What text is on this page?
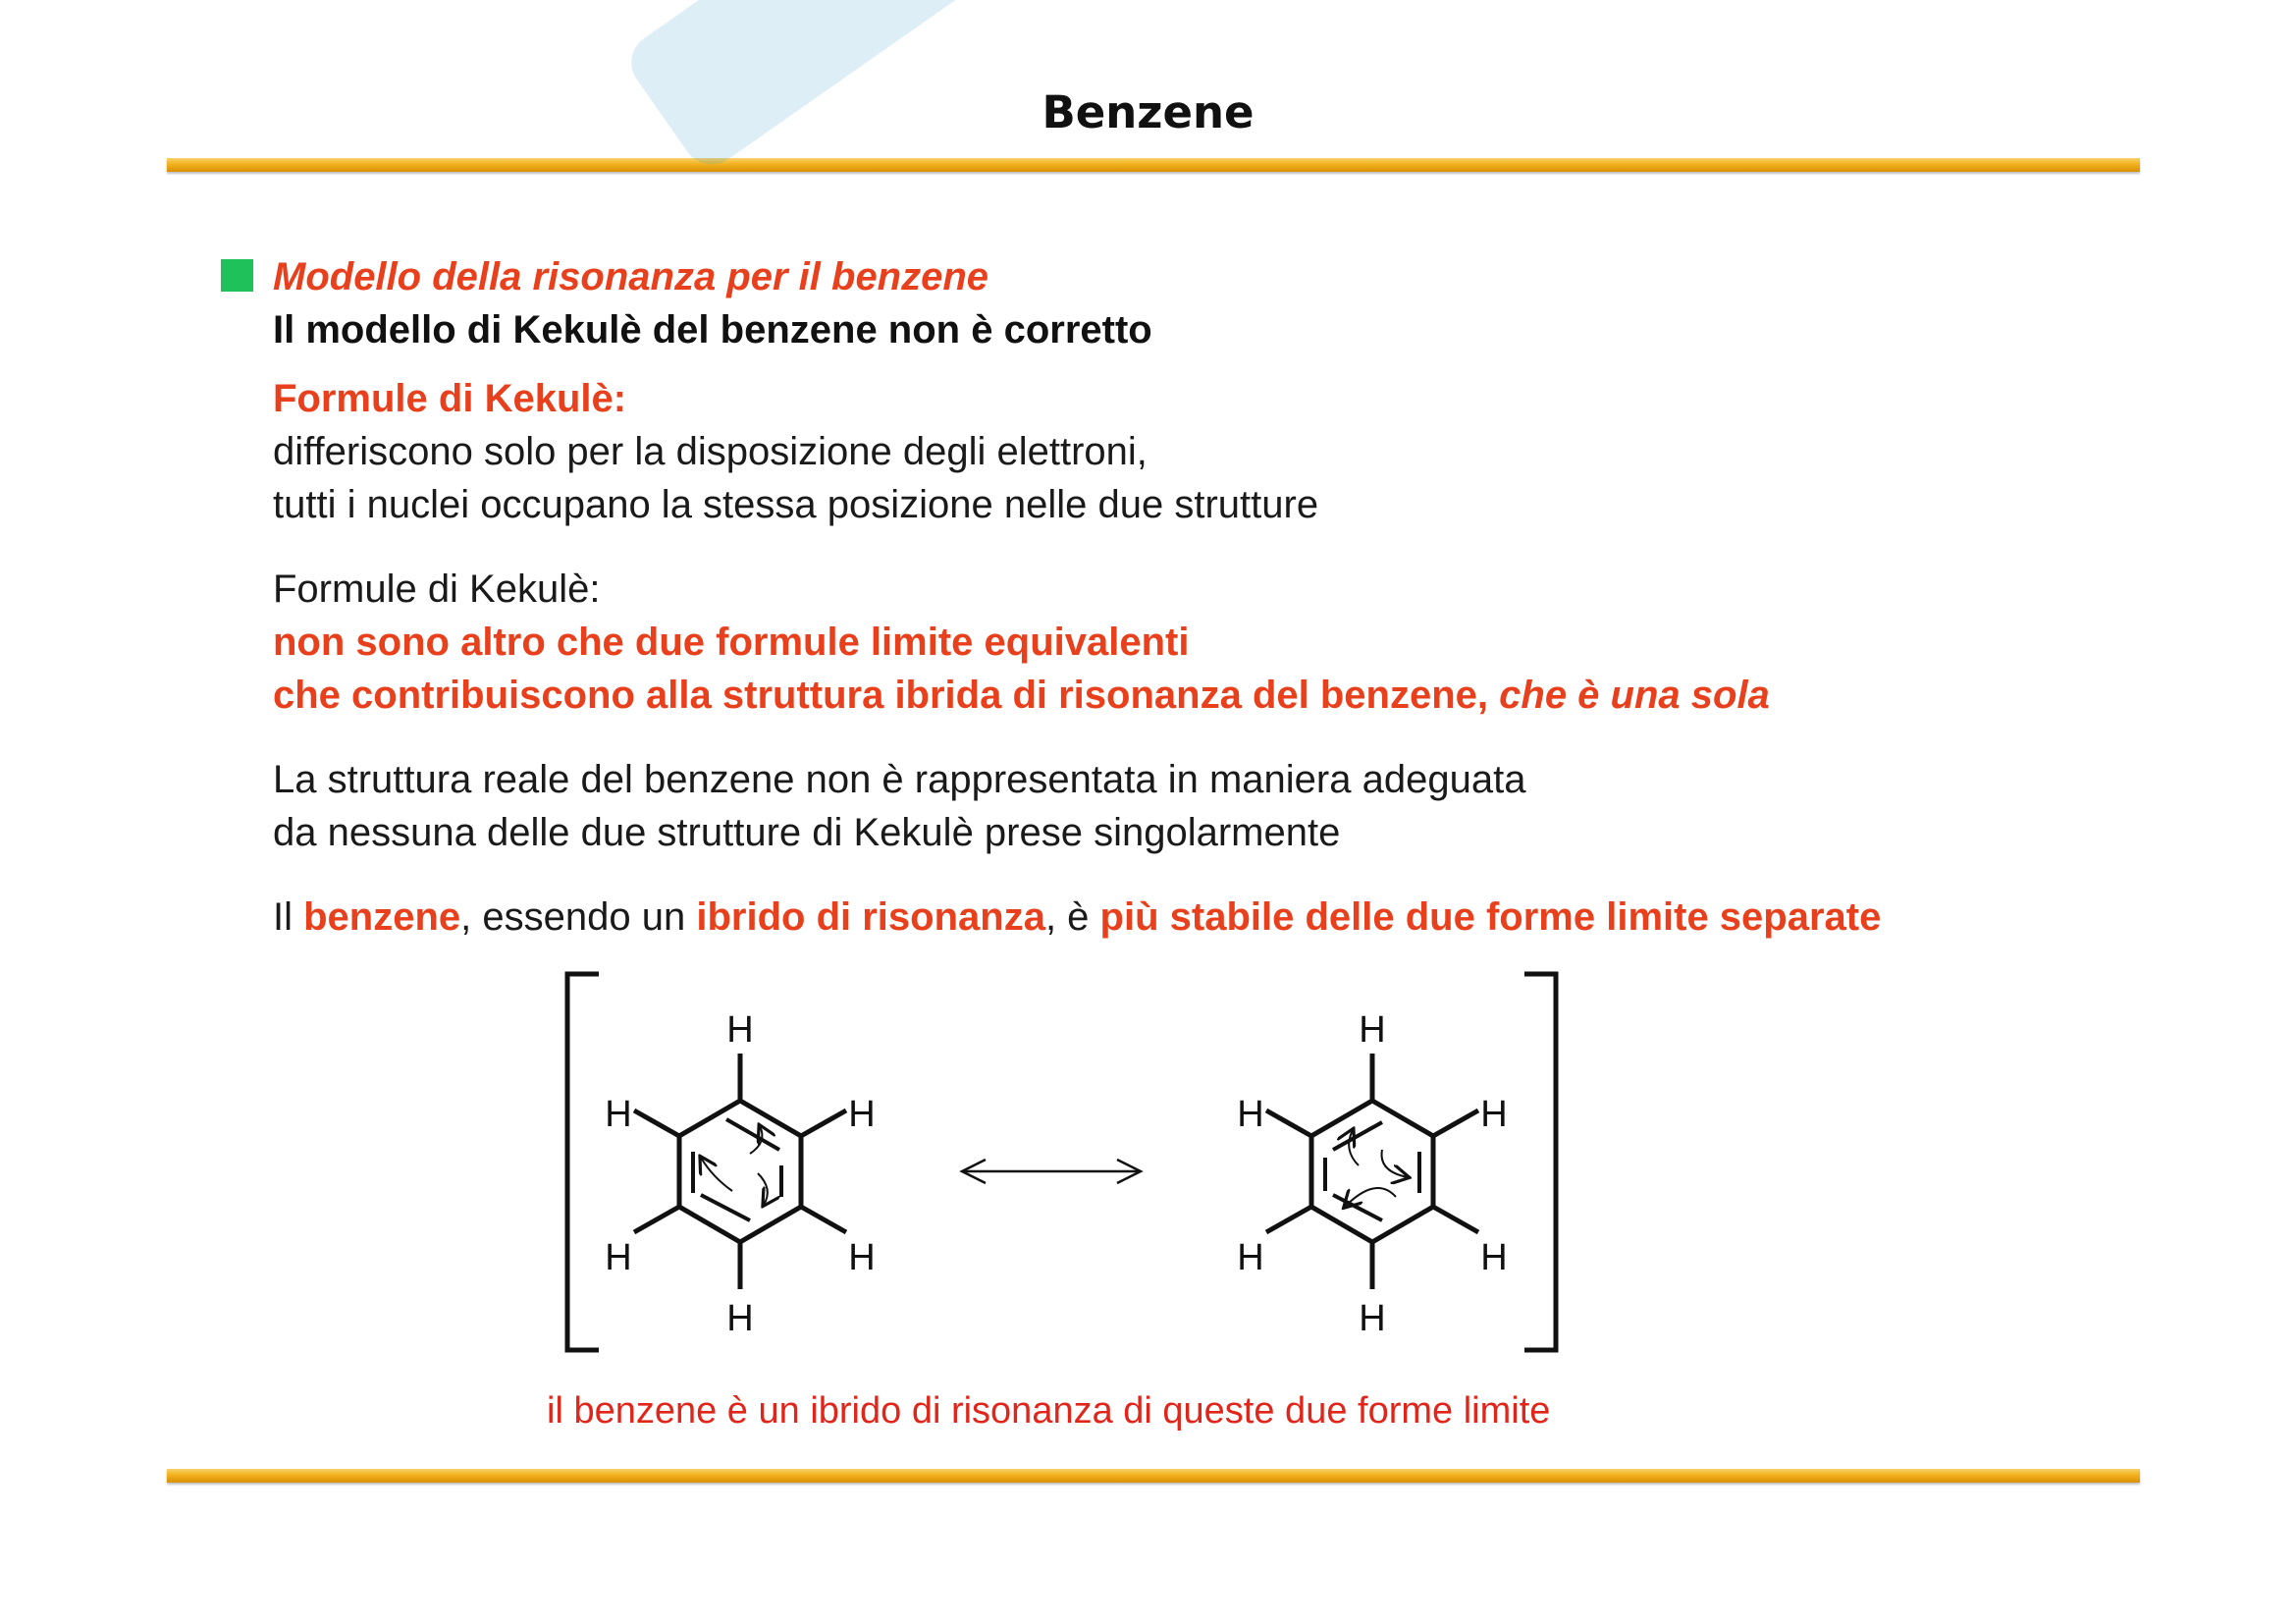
Benzene
Modello della risonanza per il benzene
Il modello di Kekulè del benzene non è corretto
Formule di Kekulè:
differiscono solo per la disposizione degli elettroni,
tutti i nuclei occupano la stessa posizione nelle due strutture
Formule di Kekulè:
non sono altro che due formule limite equivalenti
che contribuiscono alla struttura ibrida di risonanza del benzene, che è una sola
La struttura reale del benzene non è rappresentata in maniera adeguata
da nessuna delle due strutture di Kekulè prese singolarmente
Il benzene, essendo un ibrido di risonanza, è più stabile delle due forme limite separate
H
H
H
H
H
H
H
H
H
H
H
H
il benzene è un ibrido di risonanza di queste due forme limite
